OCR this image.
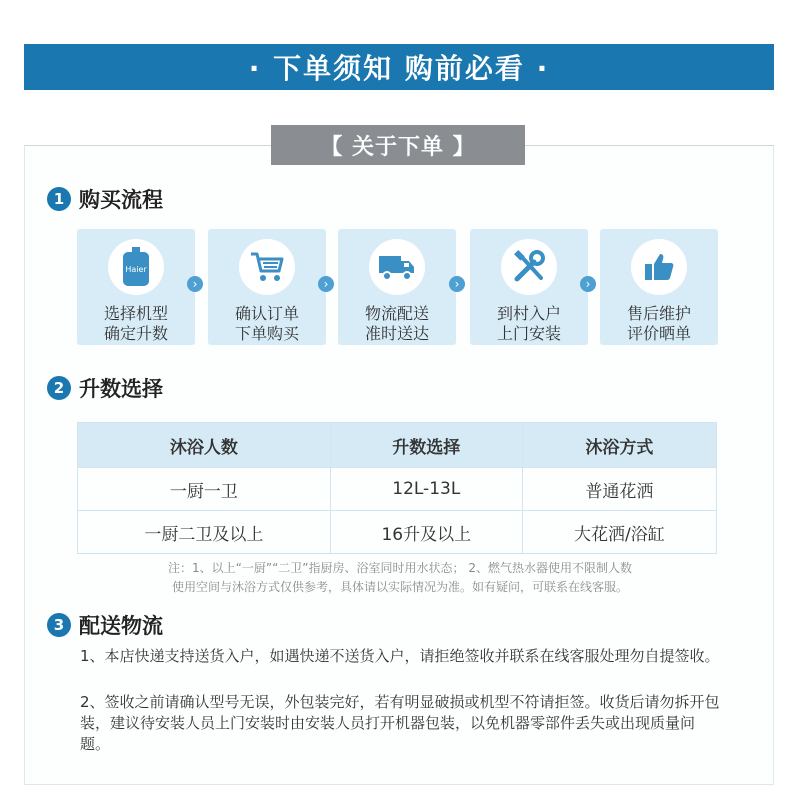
· 下单须知 购前必看 ·
【 关于下单 】
1 购买流程
Haier
选择机型
确定升数
›
确认订单
下单购买
›
物流配送
准时送达
›
到村入户
上门安装
›
售后维护
评价晒单
2 升数选择
沐浴人数	升数选择	沐浴方式
一厨一卫	12L-13L	普通花洒
一厨二卫及以上	16升及以上	大花洒/浴缸
注：1、以上“一厨”“二卫”指厨房、浴室同时用水状态； 2、燃气热水器使用不限制人数
使用空间与沐浴方式仅供参考，具体请以实际情况为准。如有疑问，可联系在线客服。
3 配送物流
1、本店快递支持送货入户，如遇快递不送货入户，请拒绝签收并联系在线客服处理勿自提签收。
2、签收之前请确认型号无误，外包装完好，若有明显破损或机型不符请拒签。收货后请勿拆开包装，建议待安装人员上门安装时由安装人员打开机器包装，以免机器零部件丢失或出现质量问题。
